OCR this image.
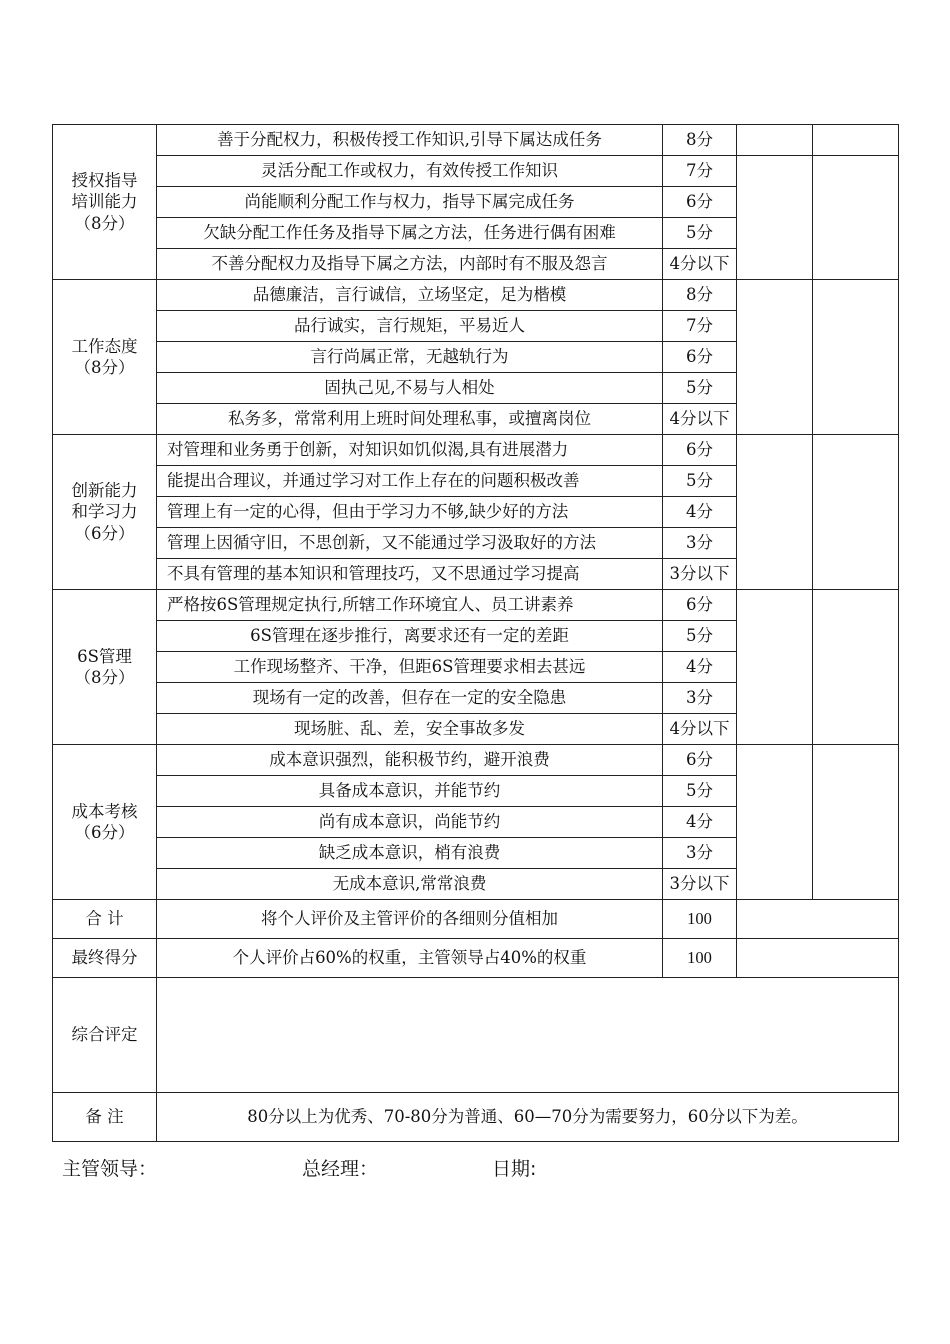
授权指导
培训能力
（8分）	善于分配权力，积极传授工作知识,引导下属达成任务	8分		
	灵活分配工作或权力，有效传授工作知识	7分		
	尚能顺利分配工作与权力，指导下属完成任务	6分		
	欠缺分配工作任务及指导下属之方法，任务进行偶有困难	5分		
	不善分配权力及指导下属之方法，内部时有不服及怨言	4分以下		
工作态度
（8分）	品德廉洁，言行诚信，立场坚定，足为楷模	8分		
	品行诚实，言行规矩，平易近人	7分		
	言行尚属正常，无越轨行为	6分		
	固执己见,不易与人相处	5分		
	私务多，常常利用上班时间处理私事，或擅离岗位	4分以下		
创新能力
和学习力
（6分）	对管理和业务勇于创新，对知识如饥似渴,具有进展潜力	6分		
	能提出合理议，并通过学习对工作上存在的问题积极改善	5分		
	管理上有一定的心得，但由于学习力不够,缺少好的方法	4分		
	管理上因循守旧，不思创新，又不能通过学习汲取好的方法	3分		
	不具有管理的基本知识和管理技巧，又不思通过学习提高	3分以下		
6S管理
（8分）	严格按6S管理规定执行,所辖工作环境宜人、员工讲素养	6分		
	6S管理在逐步推行，离要求还有一定的差距	5分		
	工作现场整齐、干净，但距6S管理要求相去甚远	4分		
	现场有一定的改善，但存在一定的安全隐患	3分		
	现场脏、乱、差，安全事故多发	4分以下		
成本考核
（6分）	成本意识强烈，能积极节约，避开浪费	6分		
	具备成本意识，并能节约	5分		
	尚有成本意识，尚能节约	4分		
	缺乏成本意识，梢有浪费	3分		
	无成本意识,常常浪费	3分以下		
合 计	将个人评价及主管评价的各细则分值相加	100		
最终得分	个人评价占60%的权重，主管领导占40%的权重	100		
综合评定				
备 注	80分以上为优秀、70-80分为普通、60—70分为需要努力，60分以下为差。			
主管领导：	总经理：	日期:
